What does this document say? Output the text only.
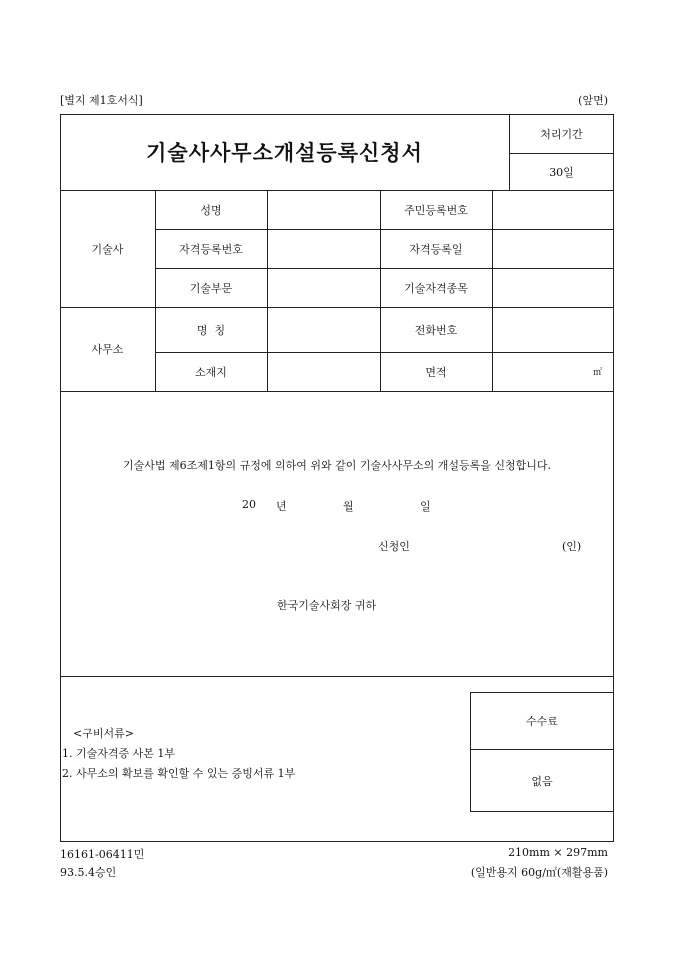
[별지 제1호서식]	(앞면)
기술사사무소개설등록신청서
처리기간
30일
기술사
성명	주민등록번호
자격등록번호	자격등록일
기술부문	기술자격종목
사무소
명  칭	전화번호
소재지	면적	㎡
기술사법 제6조제1항의 규정에 의하여 위와 같이 기술사사무소의 개설등록을 신청합니다.
20 년	월	일
신청인	(인)
한국기술사회장 귀하
<구비서류>
1. 기술자격증 사본 1부
2. 사무소의 확보를 확인할 수 있는 증빙서류 1부
수수료
없음
16161-06411민
93.5.4승인
210mm × 297mm
(일반용지 60g/㎡(재활용품)
